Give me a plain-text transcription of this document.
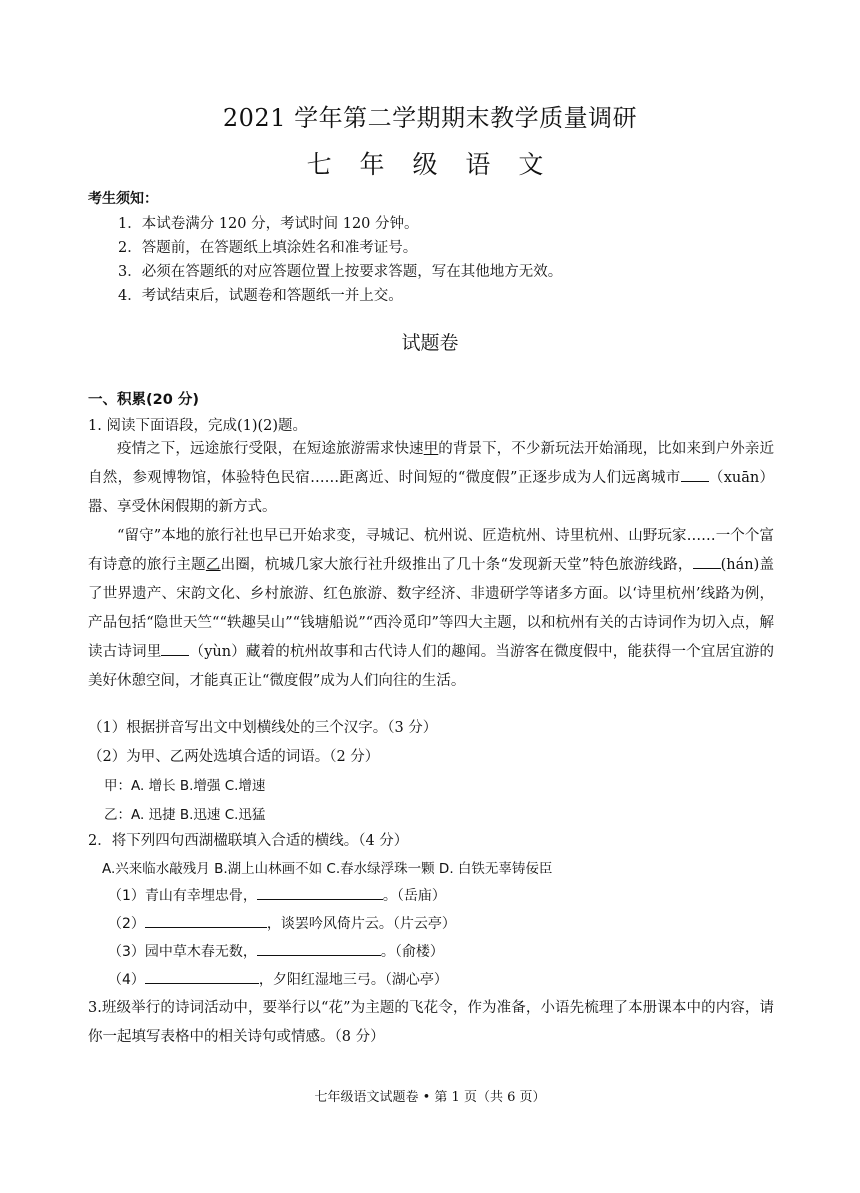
2021 学年第二学期期末教学质量调研
七 年 级 语 文
考生须知：
1．本试卷满分 120 分，考试时间 120 分钟。
2．答题前，在答题纸上填涂姓名和准考证号。
3．必须在答题纸的对应答题位置上按要求答题，写在其他地方无效。
4．考试结束后，试题卷和答题纸一并上交。
试题卷
一、积累(20 分)
1. 阅读下面语段，完成(1)(2)题。
疫情之下，远途旅行受限，在短途旅游需求快速甲的背景下，不少新玩法开始涌现，比如来到户外亲近自然，参观博物馆，体验特色民宿……距离近、时间短的“微度假”正逐步成为人们远离城市 （xuān）嚣、享受休闲假期的新方式。
“留守”本地的旅行社也早已开始求变，寻城记、杭州说、匠造杭州、诗里杭州、山野玩家……一个个富有诗意的旅行主题乙出圈，杭城几家大旅行社升级推出了几十条“发现新天堂”特色旅游线路， (hán)盖了世界遗产、宋韵文化、乡村旅游、红色旅游、数字经济、非遗研学等诸多方面。以‘诗里杭州’线路为例，产品包括“隐世天竺““轶趣吴山”“钱塘船说”“西泠觅印”等四大主题，以和杭州有关的古诗词作为切入点，解读古诗词里 （yùn）藏着的杭州故事和古代诗人们的趣闻。当游客在微度假中，能获得一个宜居宜游的美好休憩空间，才能真正让“微度假”成为人们向往的生活。
（1）根据拼音写出文中划横线处的三个汉字。（3 分）
（2）为甲、乙两处选填合适的词语。（2 分）
甲：A. 增长 B.增强 C.增速
乙：A. 迅捷 B.迅速 C.迅猛
2．将下列四句西湖楹联填入合适的横线。（4 分）
A.兴来临水敲残月 B.湖上山林画不如 C.春水绿浮珠一颗 D. 白铁无辜铸佞臣
（1）青山有幸埋忠骨，	。（岳庙）
（2）	，谈罢吟风倚片云。（片云亭）
（3）园中草木春无数，	。（俞楼）
（4）	，夕阳红湿地三弓。（湖心亭）
3.班级举行的诗词活动中，要举行以“花”为主题的飞花令，作为准备，小语先梳理了本册课本中的内容，请你一起填写表格中的相关诗句或情感。（8 分）
七年级语文试题卷 • 第 1 页（共 6 页）
